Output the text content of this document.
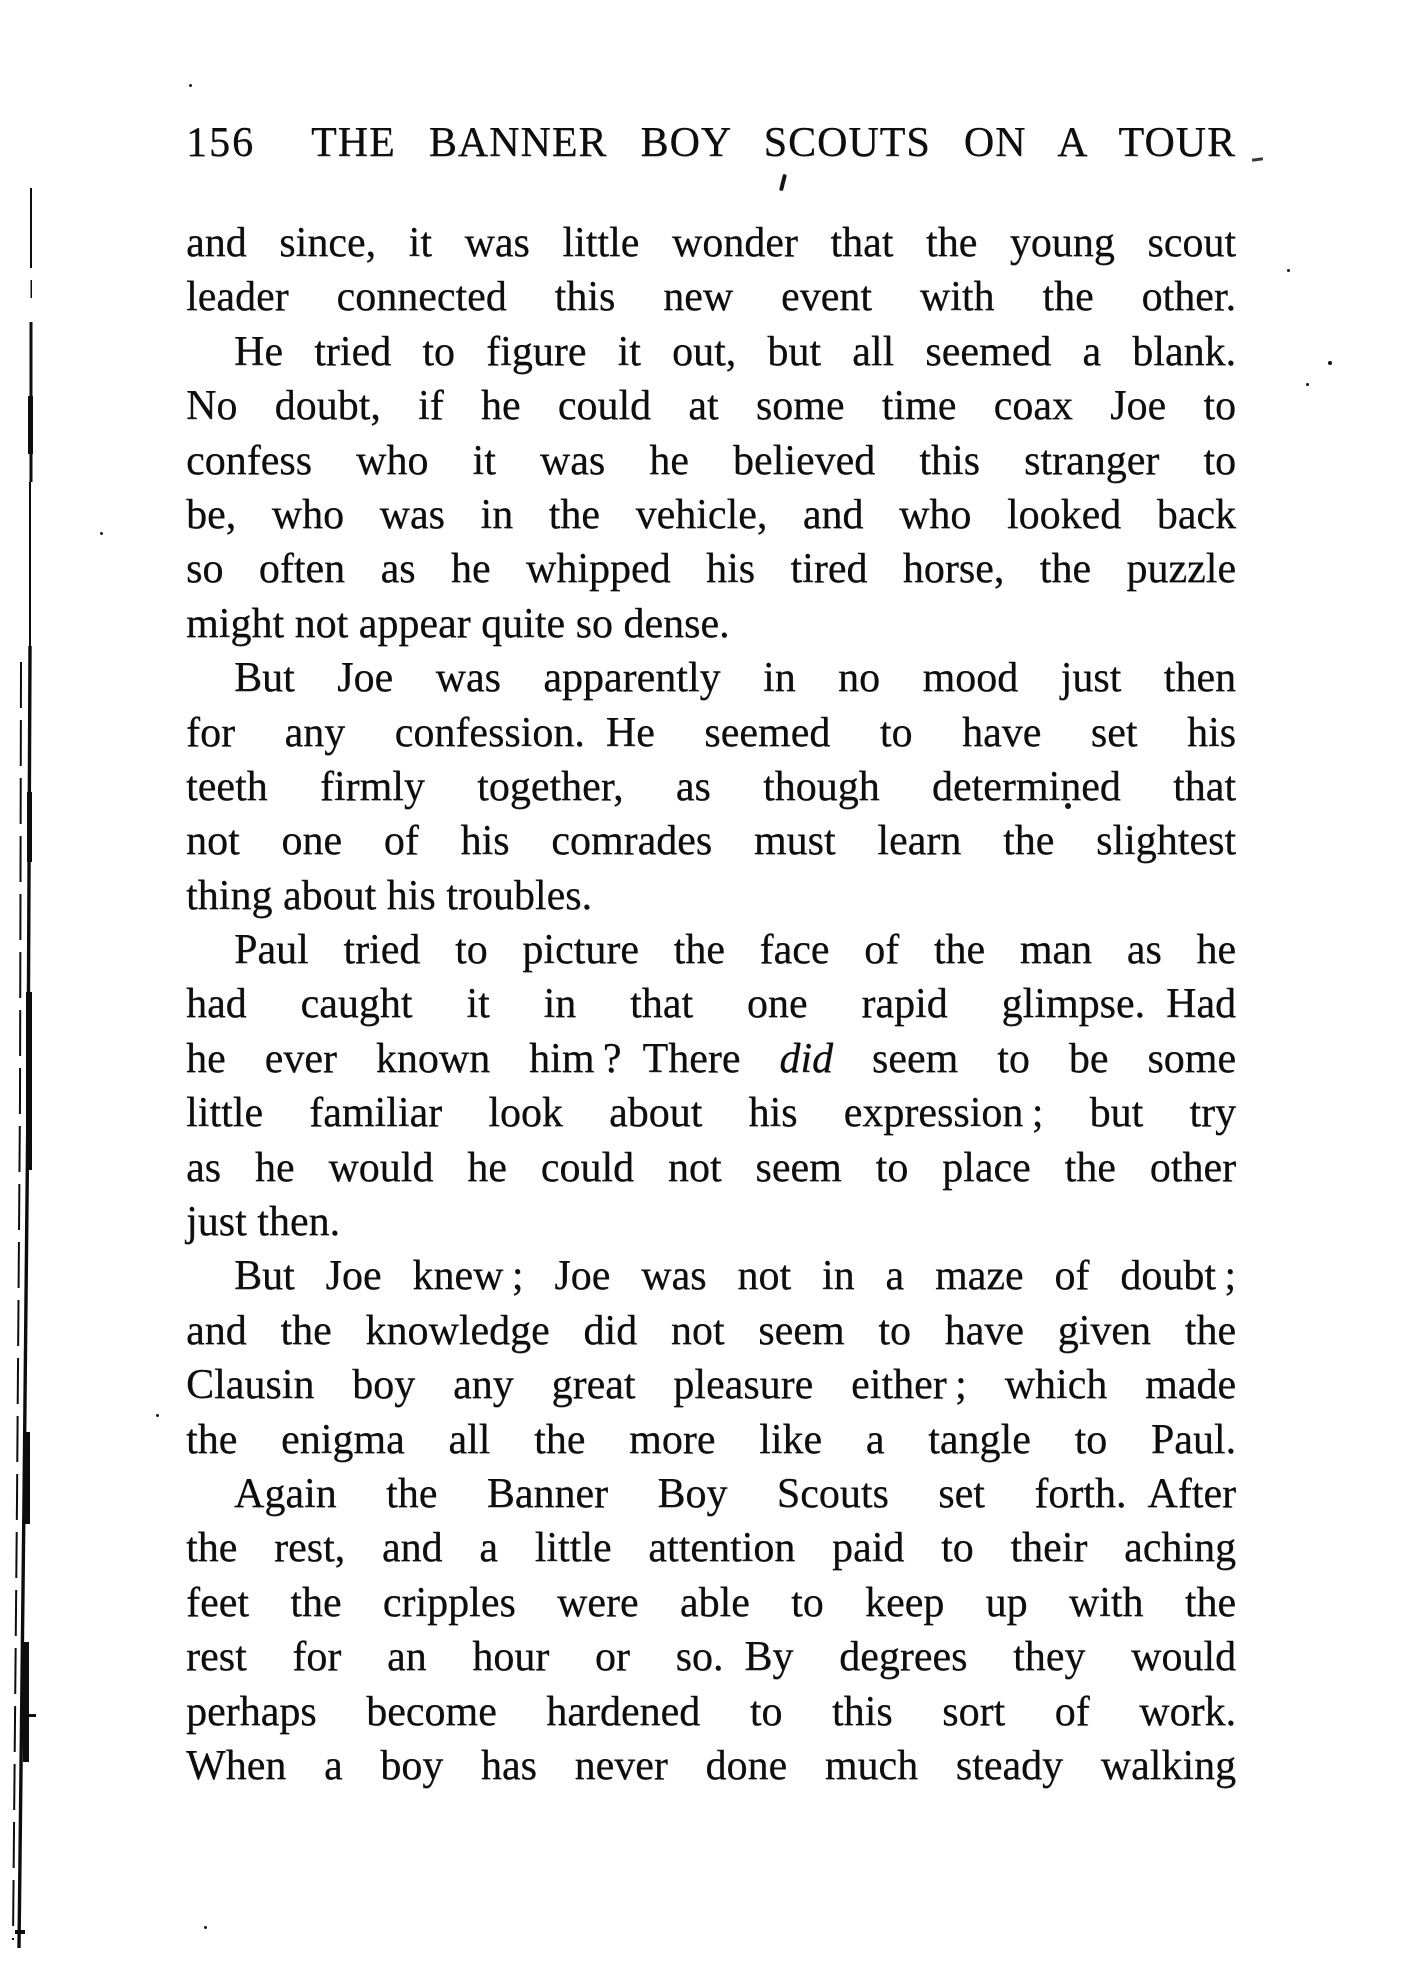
156 THE BANNER BOY SCOUTS ON A TOUR
and since, it was little wonder that the young scout
leader connected this new event with the other.
He tried to figure it out, but all seemed a blank.
No doubt, if he could at some time coax Joe to
confess who it was he believed this stranger to
be, who was in the vehicle, and who looked back
so often as he whipped his tired horse, the puzzle
might not appear quite so dense.
But Joe was apparently in no mood just then
for any confession. He seemed to have set his
teeth firmly together, as though determined that
not one of his comrades must learn the slightest
thing about his troubles.
Paul tried to picture the face of the man as he
had caught it in that one rapid glimpse. Had
he ever known him ? There did seem to be some
little familiar look about his expression ; but try
as he would he could not seem to place the other
just then.
But Joe knew ; Joe was not in a maze of doubt ;
and the knowledge did not seem to have given the
Clausin boy any great pleasure either ; which made
the enigma all the more like a tangle to Paul.
Again the Banner Boy Scouts set forth. After
the rest, and a little attention paid to their aching
feet the cripples were able to keep up with the
rest for an hour or so. By degrees they would
perhaps become hardened to this sort of work.
When a boy has never done much steady walking
